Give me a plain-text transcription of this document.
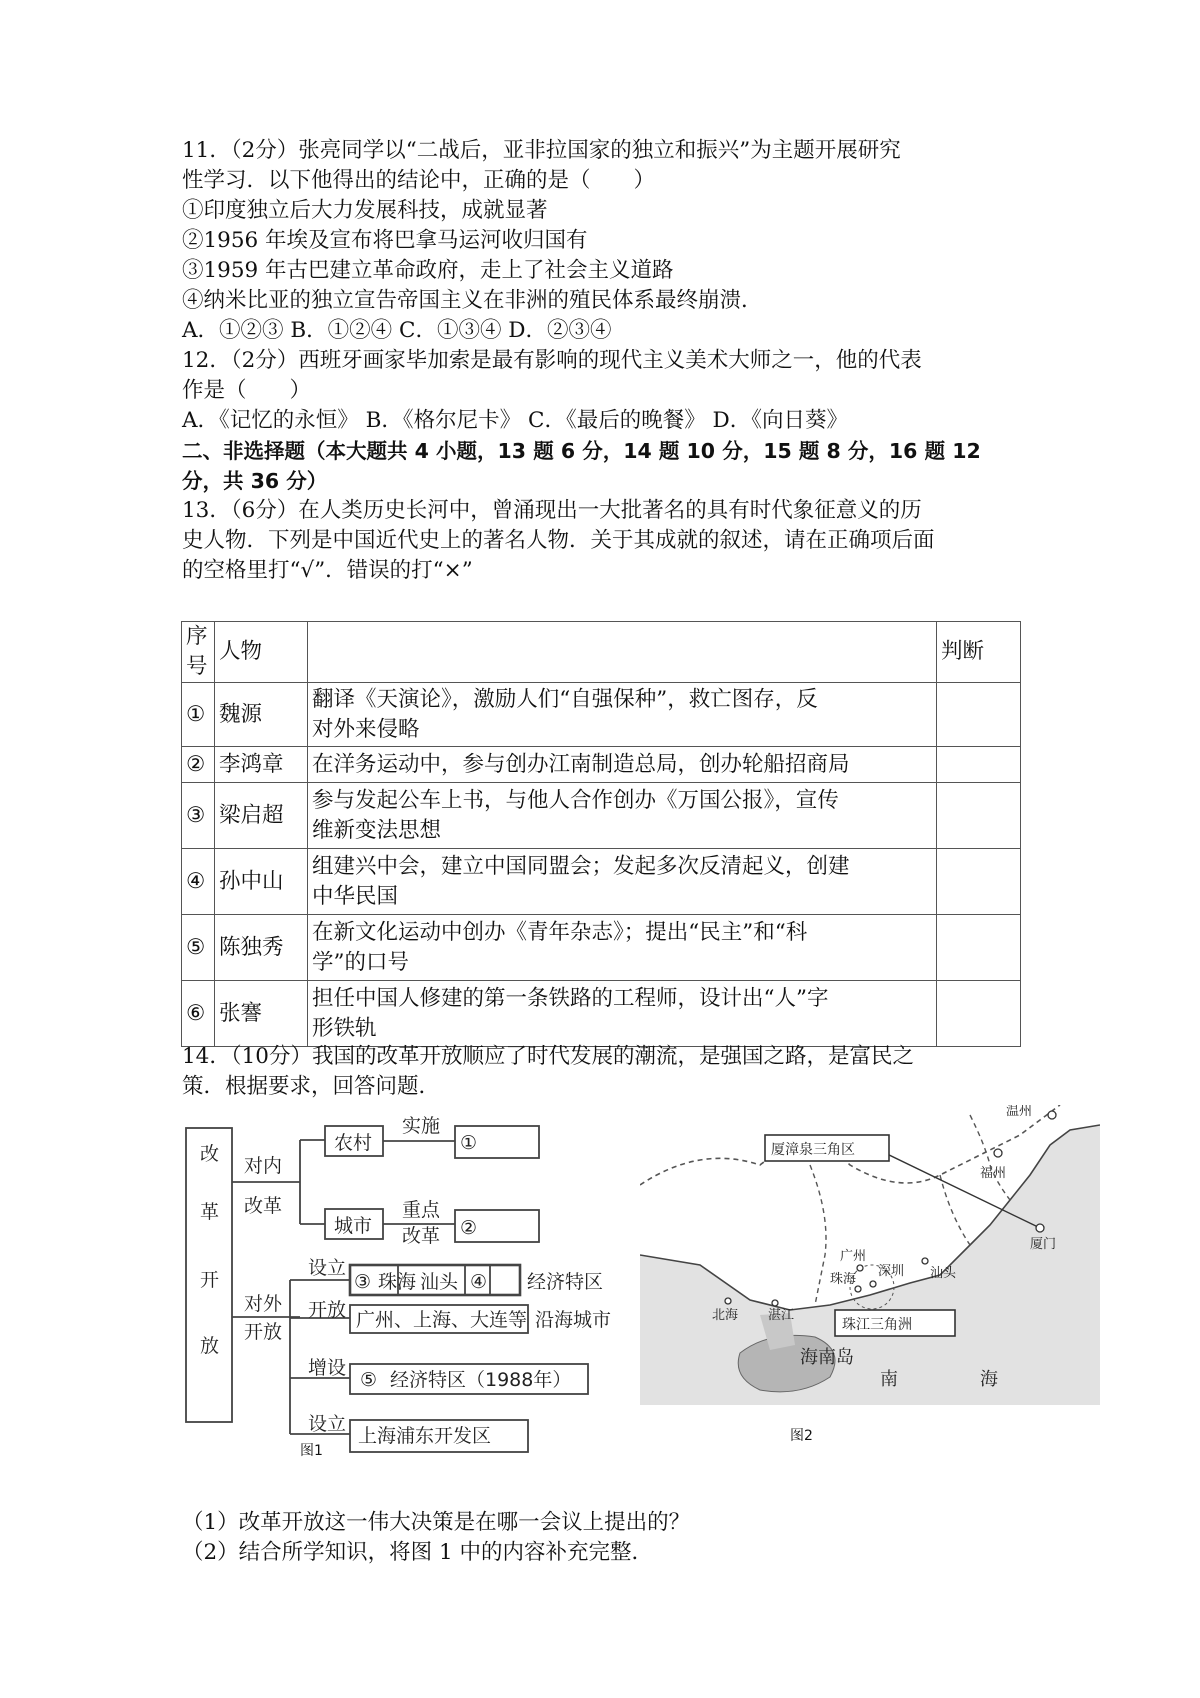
11．（2分）张亮同学以“二战后，亚非拉国家的独立和振兴”为主题开展研究
性学习．以下他得出的结论中，正确的是（　　）
①印度独立后大力发展科技，成就显著
②1956 年埃及宣布将巴拿马运河收归国有
③1959 年古巴建立革命政府，走上了社会主义道路
④纳米比亚的独立宣告帝国主义在非洲的殖民体系最终崩溃．
A．①②③ B．①②④ C．①③④ D．②③④
12．（2分）西班牙画家毕加索是最有影响的现代主义美术大师之一，他的代表
作是（　　）
A．《记忆的永恒》 B．《格尔尼卡》 C．《最后的晚餐》 D．《向日葵》
二、非选择题（本大题共 4 小题，13 题 6 分，14 题 10 分，15 题 8 分，16 题 12
分，共 36 分）
13．（6分）在人类历史长河中，曾涌现出一大批著名的具有时代象征意义的历
史人物．下列是中国近代史上的著名人物．关于其成就的叙述，请在正确项后面
的空格里打“√”．错误的打“×”
序号	人物		判断
①	魏源	翻译《天演论》，激励人们“自强保种”，救亡图存，反
对外来侵略	

②	李鸿章	在洋务运动中，参与创办江南制造总局，创办轮船招商局	
③	梁启超	参与发起公车上书，与他人合作创办《万国公报》，宣传
维新变法思想	

④	孙中山	组建兴中会，建立中国同盟会；发起多次反清起义，创建
中华民国	

⑤	陈独秀	在新文化运动中创办《青年杂志》；提出“民主”和“科
学”的口号	

⑥	张謇	担任中国人修建的第一条铁路的工程师，设计出“人”字
形铁轨	

14．（10分）我国的改革开放顺应了时代发展的潮流，是强国之路，是富民之
策．根据要求，回答问题．
改
革
开
放
对内
改革
对外
开放
农村
实施
①
城市
重点
改革 ②
设立
③ 珠海 汕头 ④ 经济特区
开放 广州、上海、大连等 沿海城市
增设
⑤ 经济特区（1988年）
设立
上海浦东开发区
图1
温州
福州
厦门
厦漳泉三角区
广州
深圳
珠海	汕头
湛江
北海
珠江三角洲
海南岛
南	海
图2
（1）改革开放这一伟大决策是在哪一会议上提出的？
（2）结合所学知识，将图 1 中的内容补充完整．
